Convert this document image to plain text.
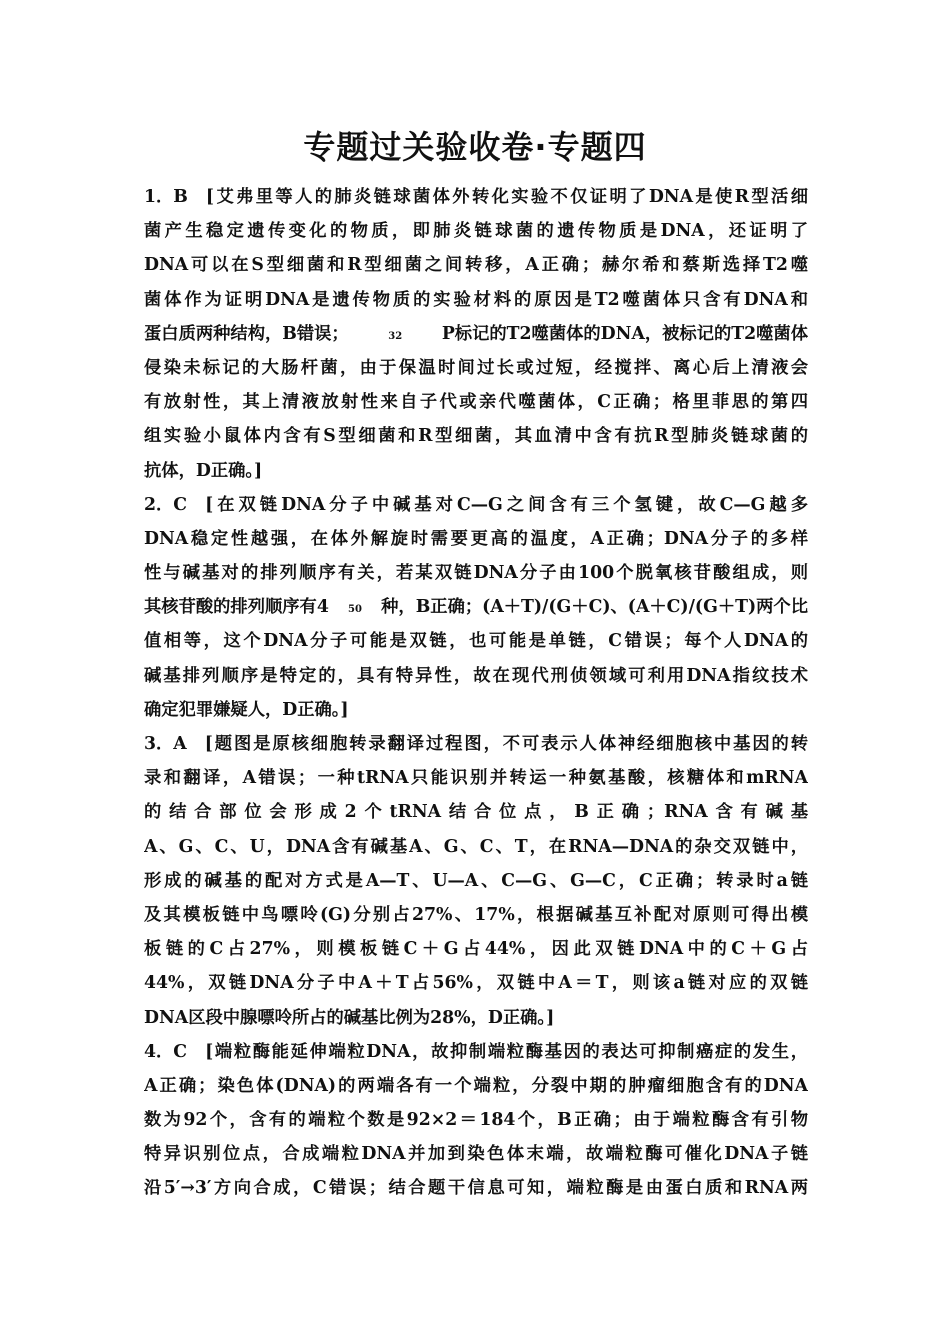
专题过关验收卷·专题四
1．B [艾弗里等人的肺炎链球菌体外转化实验不仅证明了DNA是使R型活细
菌产生稳定遗传变化的物质，即肺炎链球菌的遗传物质是DNA，还证明了
DNA可以在S型细菌和R型细菌之间转移，A正确；赫尔希和蔡斯选择T2噬
菌体作为证明DNA是遗传物质的实验材料的原因是T2噬菌体只含有DNA和
蛋白质两种结构，B错误；	32 P标记的T2噬菌体的DNA，被标记的T2噬菌体
侵染未标记的大肠杆菌，由于保温时间过长或过短，经搅拌、离心后上清液会
有放射性，其上清液放射性来自子代或亲代噬菌体，C正确；格里菲思的第四
组实验小鼠体内含有S型细菌和R型细菌，其血清中含有抗R型肺炎链球菌的
抗体，D正确。]
2．C [在双链DNA分子中碱基对C—G之间含有三个氢键，故C—G越多
DNA稳定性越强，在体外解旋时需要更高的温度，A正确；DNA分子的多样
性与碱基对的排列顺序有关，若某双链DNA分子由100个脱氧核苷酸组成，则
其核苷酸的排列顺序有4 50 种，B正确；(A＋T)/(G＋C)、(A＋C)/(G＋T)两个比
值相等，这个DNA分子可能是双链，也可能是单链，C错误；每个人DNA的
碱基排列顺序是特定的，具有特异性，故在现代刑侦领域可利用DNA指纹技术
确定犯罪嫌疑人，D正确。]
3．A [题图是原核细胞转录翻译过程图，不可表示人体神经细胞核中基因的转
录和翻译，A错误；一种tRNA只能识别并转运一种氨基酸，核糖体和mRNA
的结合部位会形成2个tRNA结合位点，B正确；RNA含有碱基
A、G、C、U，DNA含有碱基A、G、C、T，在RNA—DNA的杂交双链中，
形成的碱基的配对方式是A—T、U—A、C—G、G—C，C正确；转录时a链
及其模板链中鸟嘌呤(G)分别占27%、17%，根据碱基互补配对原则可得出模
板链的C占27%，则模板链C＋G占44%，因此双链DNA中的C＋G占
44%，双链DNA分子中A＋T占56%，双链中A＝T，则该a链对应的双链
DNA区段中腺嘌呤所占的碱基比例为28%，D正确。]
4．C [端粒酶能延伸端粒DNA，故抑制端粒酶基因的表达可抑制癌症的发生，
A正确；染色体(DNA)的两端各有一个端粒，分裂中期的肿瘤细胞含有的DNA
数为92个，含有的端粒个数是92×2＝184个，B正确；由于端粒酶含有引物
特异识别位点，合成端粒DNA并加到染色体末端，故端粒酶可催化DNA子链
沿5′→3′方向合成，C错误；结合题干信息可知，端粒酶是由蛋白质和RNA两
